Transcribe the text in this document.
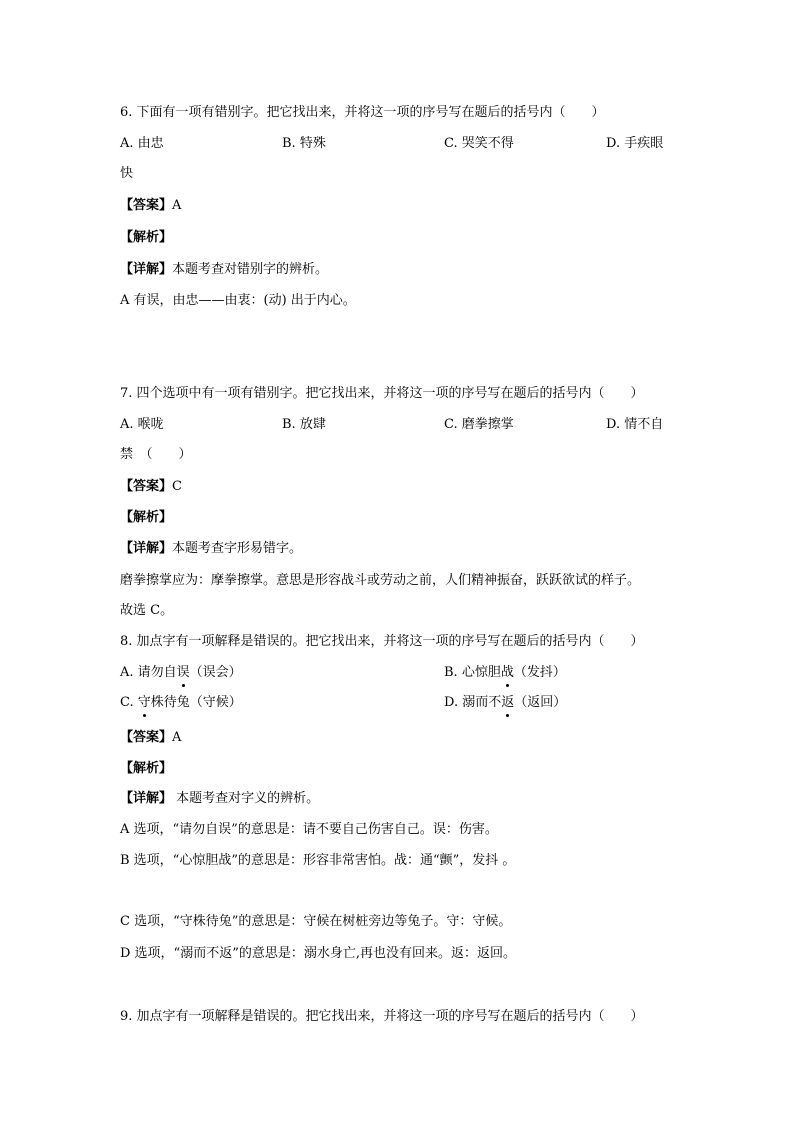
6. 下面有一项有错别字。把它找出来，并将这一项的序号写在题后的括号内（　　）
A. 由忠	B. 特殊	C. 哭笑不得	D. 手疾眼
快
【答案】A
【解析】
【详解】本题考查对错别字的辨析。
A 有误，由忠——由衷：(动) 出于内心。
7. 四个选项中有一项有错别字。把它找出来，并将这一项的序号写在题后的括号内（　　）
A. 喉咙	B. 放肆	C. 磨拳擦掌	D. 情不自
禁　（　　）
【答案】C
【解析】
【详解】本题考查字形易错字。
磨拳擦掌应为：摩拳擦掌。意思是形容战斗或劳动之前，人们精神振奋，跃跃欲试的样子。
故选 C。
8. 加点字有一项解释是错误的。把它找出来，并将这一项的序号写在题后的括号内（　　）
A. 请勿自误（误会）	B. 心惊胆战（发抖）
C. 守株待兔（守候）	D. 溺而不返（返回）
【答案】A
【解析】
【详解】 本题考查对字义的辨析。
A 选项，“请勿自误”的意思是：请不要自己伤害自己。误：伤害。
B 选项，“心惊胆战”的意思是：形容非常害怕。战：通“颤”，发抖 。
C 选项，“守株待兔”的意思是：守候在树桩旁边等兔子。守：守候。
D 选项，“溺而不返”的意思是：溺水身亡,再也没有回来。返：返回。
9. 加点字有一项解释是错误的。把它找出来，并将这一项的序号写在题后的括号内（　　）
